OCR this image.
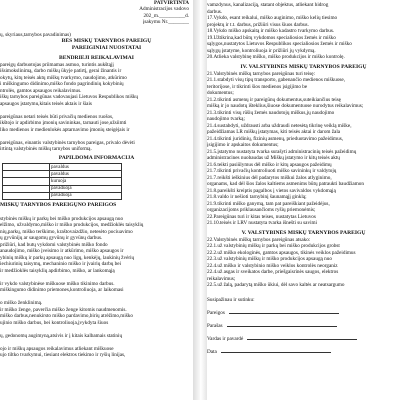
PATVIRTINTA
Administracijos vadovo
202_m.__________d.
įsakymu Nr.________

ų, skyriaus,tarnybos pavadinimas)
BĖS MIŠKŲ TARNYBOS PAREIGŲ
PAREIGINIAI NUOSTATAI
BENDRIEJI REIKALAVIMAI
pareigų darbuotojas priimamas asmuo, turintis aukštąjį
išsimokslinimą, darbo miškų ūkyje patirtį, geraі žinantis ir
okytų, kitų teisės aktų miškų tvarkymo, naudojimo, atkūrimo
i miškingumo didinimo,miško fondo pagrindinių kokybinių
ntrolės, gamtos apsaugos reikalavimus.
iškų tarnybos pareigūnas vadovaujasi Lietuvos Respublikos miškų
apsaugos įstatymu,kitais teisės aktais ir šiais

pareigūnas netarі teisės būti privačių medienos ruošos,
ikštojo ir apdirbimo įmonių savininkas, tarnauti jose,užsiimti
liko medienos ir medienlokės aptarnavimo įmonių steigėjais ir

pareigūnas, einantis valstybinės tarnybos pareigas, privalo dėvėti
irtintą valstybinės miškų tarnybos uniformą.
PAPILDOMA INFORMACIJA
	pavaldus
	pavaldus
	kuruoja
	pavaduoja
	pavaduoja
MIŠKŲ TARNYBOS PAREIGŲNO PAREIGOS

stybinės miškų ir parkų bei miško produkcijos apsaugą nuo
elžimo, užvaldymo,miško ir miško produkcijos, medžioklės taisyklių
nių,parkų, miško terškimo, kraštovaizdžio, netesėto pociuavimo
ų gyvūnijų ar saugomų gyvūnų ir gyvūnų darbus.
prižiūri, kad butų vykdomi valstybinės miško fondo
anaudojimo, miško įveisimo ir atkūrimo, miško apsaugos ir
ybinių miškų ir parkų apsaugą nuo ligų, kenkėjų, laukinių žvėrių
iechiurinių taisymų, mechaninio miško ir įvairių darbų bei
ir medžioklės taisyklių apdirbimo, miško, ar lankomąją

ir vykdo valstybinėse miškuose miško tikinimo darbus.
miškingumo didinimo priemones,kontroliuoja, ar laikomasi

o miško ženklinimą.
ir miško ženge, paverčia miško ženge kitomis naudmenomis.
miško darbus,nenukirsto miško pardavimo,birių atrėžimo,miško
ujinio miško darbus, bei kontroliuoja,įvykdyta šiuos

ų, gedonomų augimyną,atsivis ir į kitais kalbamais statinių

ojo ir miškų apsaugos reikalavimus atliekant miškuose
ujo tiltko tvarkymui, tiesiant elektros tiekimo ir ryšių linijas,
vamzdynus, kanalizaciją, statant objektus, atliekant hidrog
darbus.
17.Vykdo, esant reikalui, miško auginimo, miško kelių tiesimo
projektų ir t.t. darbus, prižiūri visus šiuos darbus.
18.Vykdo miško apskaitą ir miško kadastro tvarkymo darbus.
19.Užtikrina,kad būtų vykdomos specialiosios žemės ir miško
sąlygos,nustatytos Lietuvos Respublikos specialiosios žemės ir miško
sąlygų įstatyme, kontroliuoja ir prižiūri jų vykdymą.
20.Atlieka valstybinę miško, miško produkcijos ir miško kontrolę.
IV. VALSTYBINĖS MIŠKŲ TARNYBOS PAREIGŲ
21.Valstybinės miškų tarnybos pareigūnas turi teisę:
21.1.stabdyti visų tipų transporto, gabenančio medienos miškuose,
teritorijose, ir tikrinti šios medienos įsigijimo be
dokumentus;
21.2.tikrinti asmenų ir pareigūnų dokumentus,suteikiančius teisę
mišką ir jo naudotų išteklius,šiuose dokumentuose nurodytus reikalavimus;
21.3.tikrinti visų rūšių žemės naudotojų miškus,jų naudojimo
naudojimo tvarką;
21.4.sustabdyti, uždrausti arba uždraudi netesėtą tikrinę veiklą miške,
pažeidžiamas LR miškų įstatymas, kiti teisės aktai ir darom žala
21.4.tikrinti juridinių, fizinių asmenų, prieduotavimo pažeidimus,
įsigijimo ir apskaitos dokumentus;
21.5.įstatymo nustatyta tvarka surašyti administracinių teisės pažeidimų
administracines nuobaudas už Miškų įstatymo ir kitų teisės aktų
21.6.teikti pasiūlymus dėl miško ir kitų apsaugos pažeidimų
21.7.tikrinti privačių kontroliuoti miško savininkų ir valdytojų
21.7.reikšti ieškinius dėl padarytos miškui žalos atlyginimo,
organams, kad dėl šios žalos kaltiems asmenims būtų patraukti baudžiamon
21.8.pareikšti kreiptis pagalbos į vietos savivaldos vykdomąją
21.8.valdo ir nešioti tarnybinį šaunamąjį ginklą;
21.9.tikrinti miško ganymą, tam pat pareiškiant pažeidėjus,
organizacijoms priklausančioms ryšių priemonėmis;
22.Pareigūnas turi ir kitas teises, nustatytas Lietuvos
21.10.teisės ir LRV nustatyta tvarka išnešti su savimi
V. VALSTYBINĖS MIŠKŲ TARNYBOS PAREIGŲ
22.Valstybinės miškų tarnybos pareigūnas atsako:
22.1.už valstybinių miškų ir parkų bei miško produkcijos grobst
22.2.už miško ekologinės, gamtos apsaugos, tikinės veiklos pažeidimus
22.3.už valstybinių miškų ir miško produkcijos apsaugą nuo
22.4.už miško ir valstybinio miško veiklos kontrolės neorganiz
22.4.už asgas ir sveikatos darbe, priešgaisrinės saugos, elektros
reikalavimus;
22.5.už žalą, padarytą miško ūkiui, dėl savo kaltės ar neatsargumo
Susipažinau ir sutinku:
Pareigos
Parašas
Vardas ir pavardė
Data
